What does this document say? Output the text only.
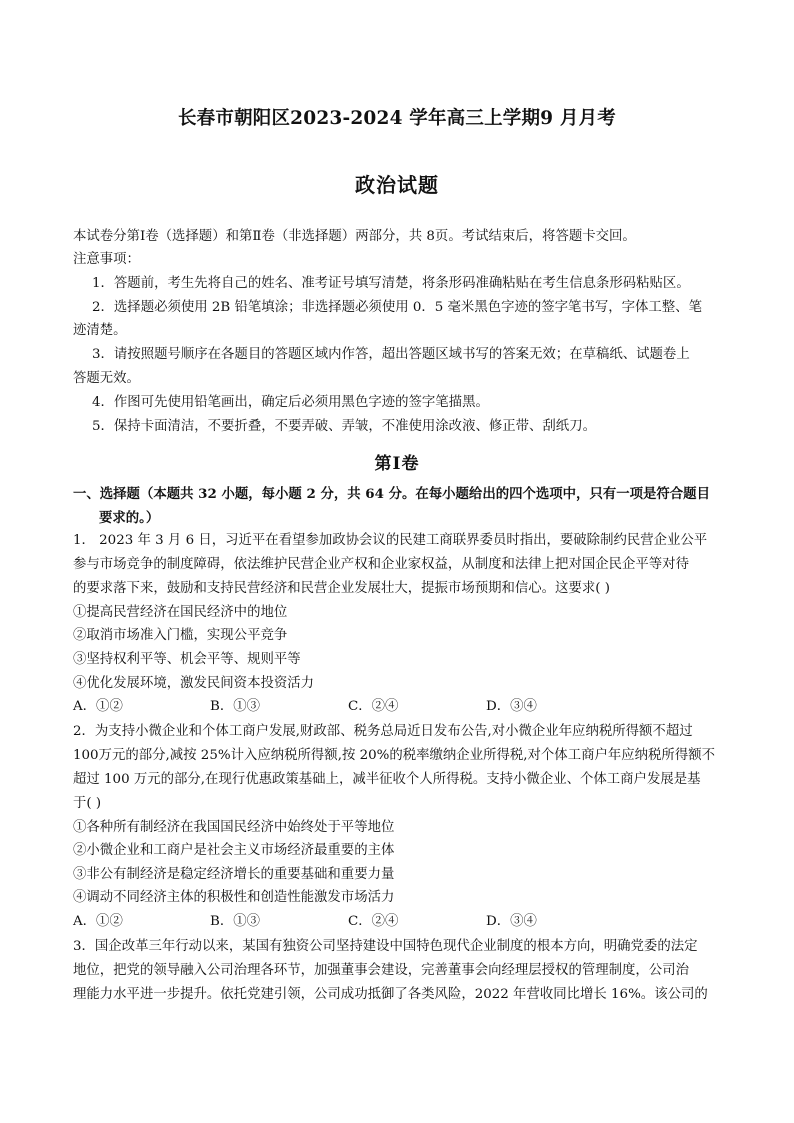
长春市朝阳区2023-2024 学年高三上学期9 月月考
政治试题
本试卷分第Ⅰ卷（选择题）和第Ⅱ卷（非选择题）两部分，共 8页。考试结束后，将答题卡交回。
注意事项：
1．答题前，考生先将自己的姓名、准考证号填写清楚，将条形码准确粘贴在考生信息条形码粘贴区。
2．选择题必须使用 2B 铅笔填涂；非选择题必须使用 0．5 毫米黑色字迹的签字笔书写，字体工整、笔
迹清楚。
3．请按照题号顺序在各题目的答题区域内作答，超出答题区域书写的答案无效；在草稿纸、试题卷上
答题无效。
4．作图可先使用铅笔画出，确定后必须用黑色字迹的签字笔描黑。
5．保持卡面清洁，不要折叠，不要弄破、弄皱，不准使用涂改液、修正带、刮纸刀。
第Ⅰ卷
一、选择题（本题共 32 小题，每小题 2 分，共 64 分。在每小题给出的四个选项中，只有一项是符合题目
要求的。）
1． 2023 年 3 月 6 日，习近平在看望参加政协会议的民建工商联界委员时指出，要破除制约民营企业公平
参与市场竞争的制度障碍，依法维护民营企业产权和企业家权益，从制度和法律上把对国企民企平等对待
的要求落下来，鼓励和支持民营经济和民营企业发展壮大，提振市场预期和信心。这要求( )
①提高民营经济在国民经济中的地位
②取消市场准入门槛，实现公平竞争
③坚持权利平等、机会平等、规则平等
④优化发展环境，激发民间资本投资活力
A．①②	B．①③	C．②④	D．③④
2．为支持小微企业和个体工商户发展,财政部、税务总局近日发布公告,对小微企业年应纳税所得额不超过
100万元的部分,减按 25%计入应纳税所得额,按 20%的税率缴纳企业所得税,对个体工商户年应纳税所得额不
超过 100 万元的部分,在现行优惠政策基础上，减半征收个人所得税。支持小微企业、个体工商户发展是基
于( )
①各种所有制经济在我国国民经济中始终处于平等地位
②小微企业和工商户是社会主义市场经济最重要的主体
③非公有制经济是稳定经济增长的重要基础和重要力量
④调动不同经济主体的积极性和创造性能激发市场活力
A．①②	B．①③	C．②④	D．③④
3．国企改革三年行动以来，某国有独资公司坚持建设中国特色现代企业制度的根本方向，明确党委的法定
地位，把党的领导融入公司治理各环节，加强董事会建设，完善董事会向经理层授权的管理制度，公司治
理能力水平进一步提升。依托党建引领，公司成功抵御了各类风险，2022 年营收同比增长 16%。该公司的
